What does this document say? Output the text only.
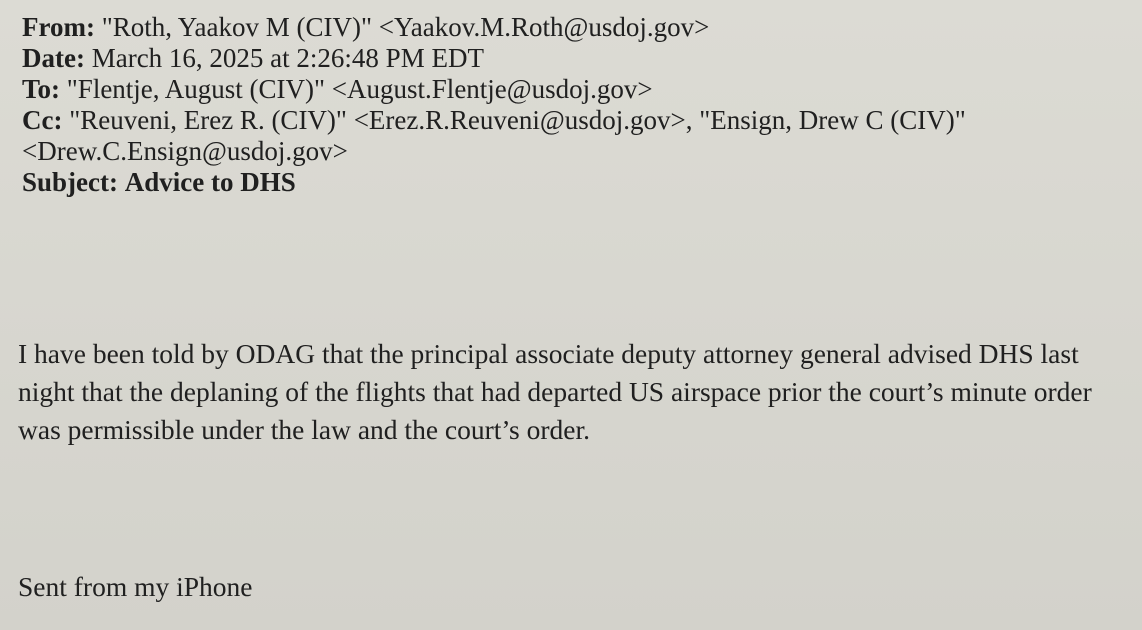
From: "Roth, Yaakov M (CIV)" <Yaakov.M.Roth@usdoj.gov>
Date: March 16, 2025 at 2:26:48 PM EDT
To: "Flentje, August (CIV)" <August.Flentje@usdoj.gov>
Cc: "Reuveni, Erez R. (CIV)" <Erez.R.Reuveni@usdoj.gov>, "Ensign, Drew C (CIV)" <Drew.C.Ensign@usdoj.gov>
Subject: Advice to DHS

I have been told by ODAG that the principal associate deputy attorney general advised DHS last night that the deplaning of the flights that had departed US airspace prior the court’s minute order was permissible under the law and the court’s order.

Sent from my iPhone
